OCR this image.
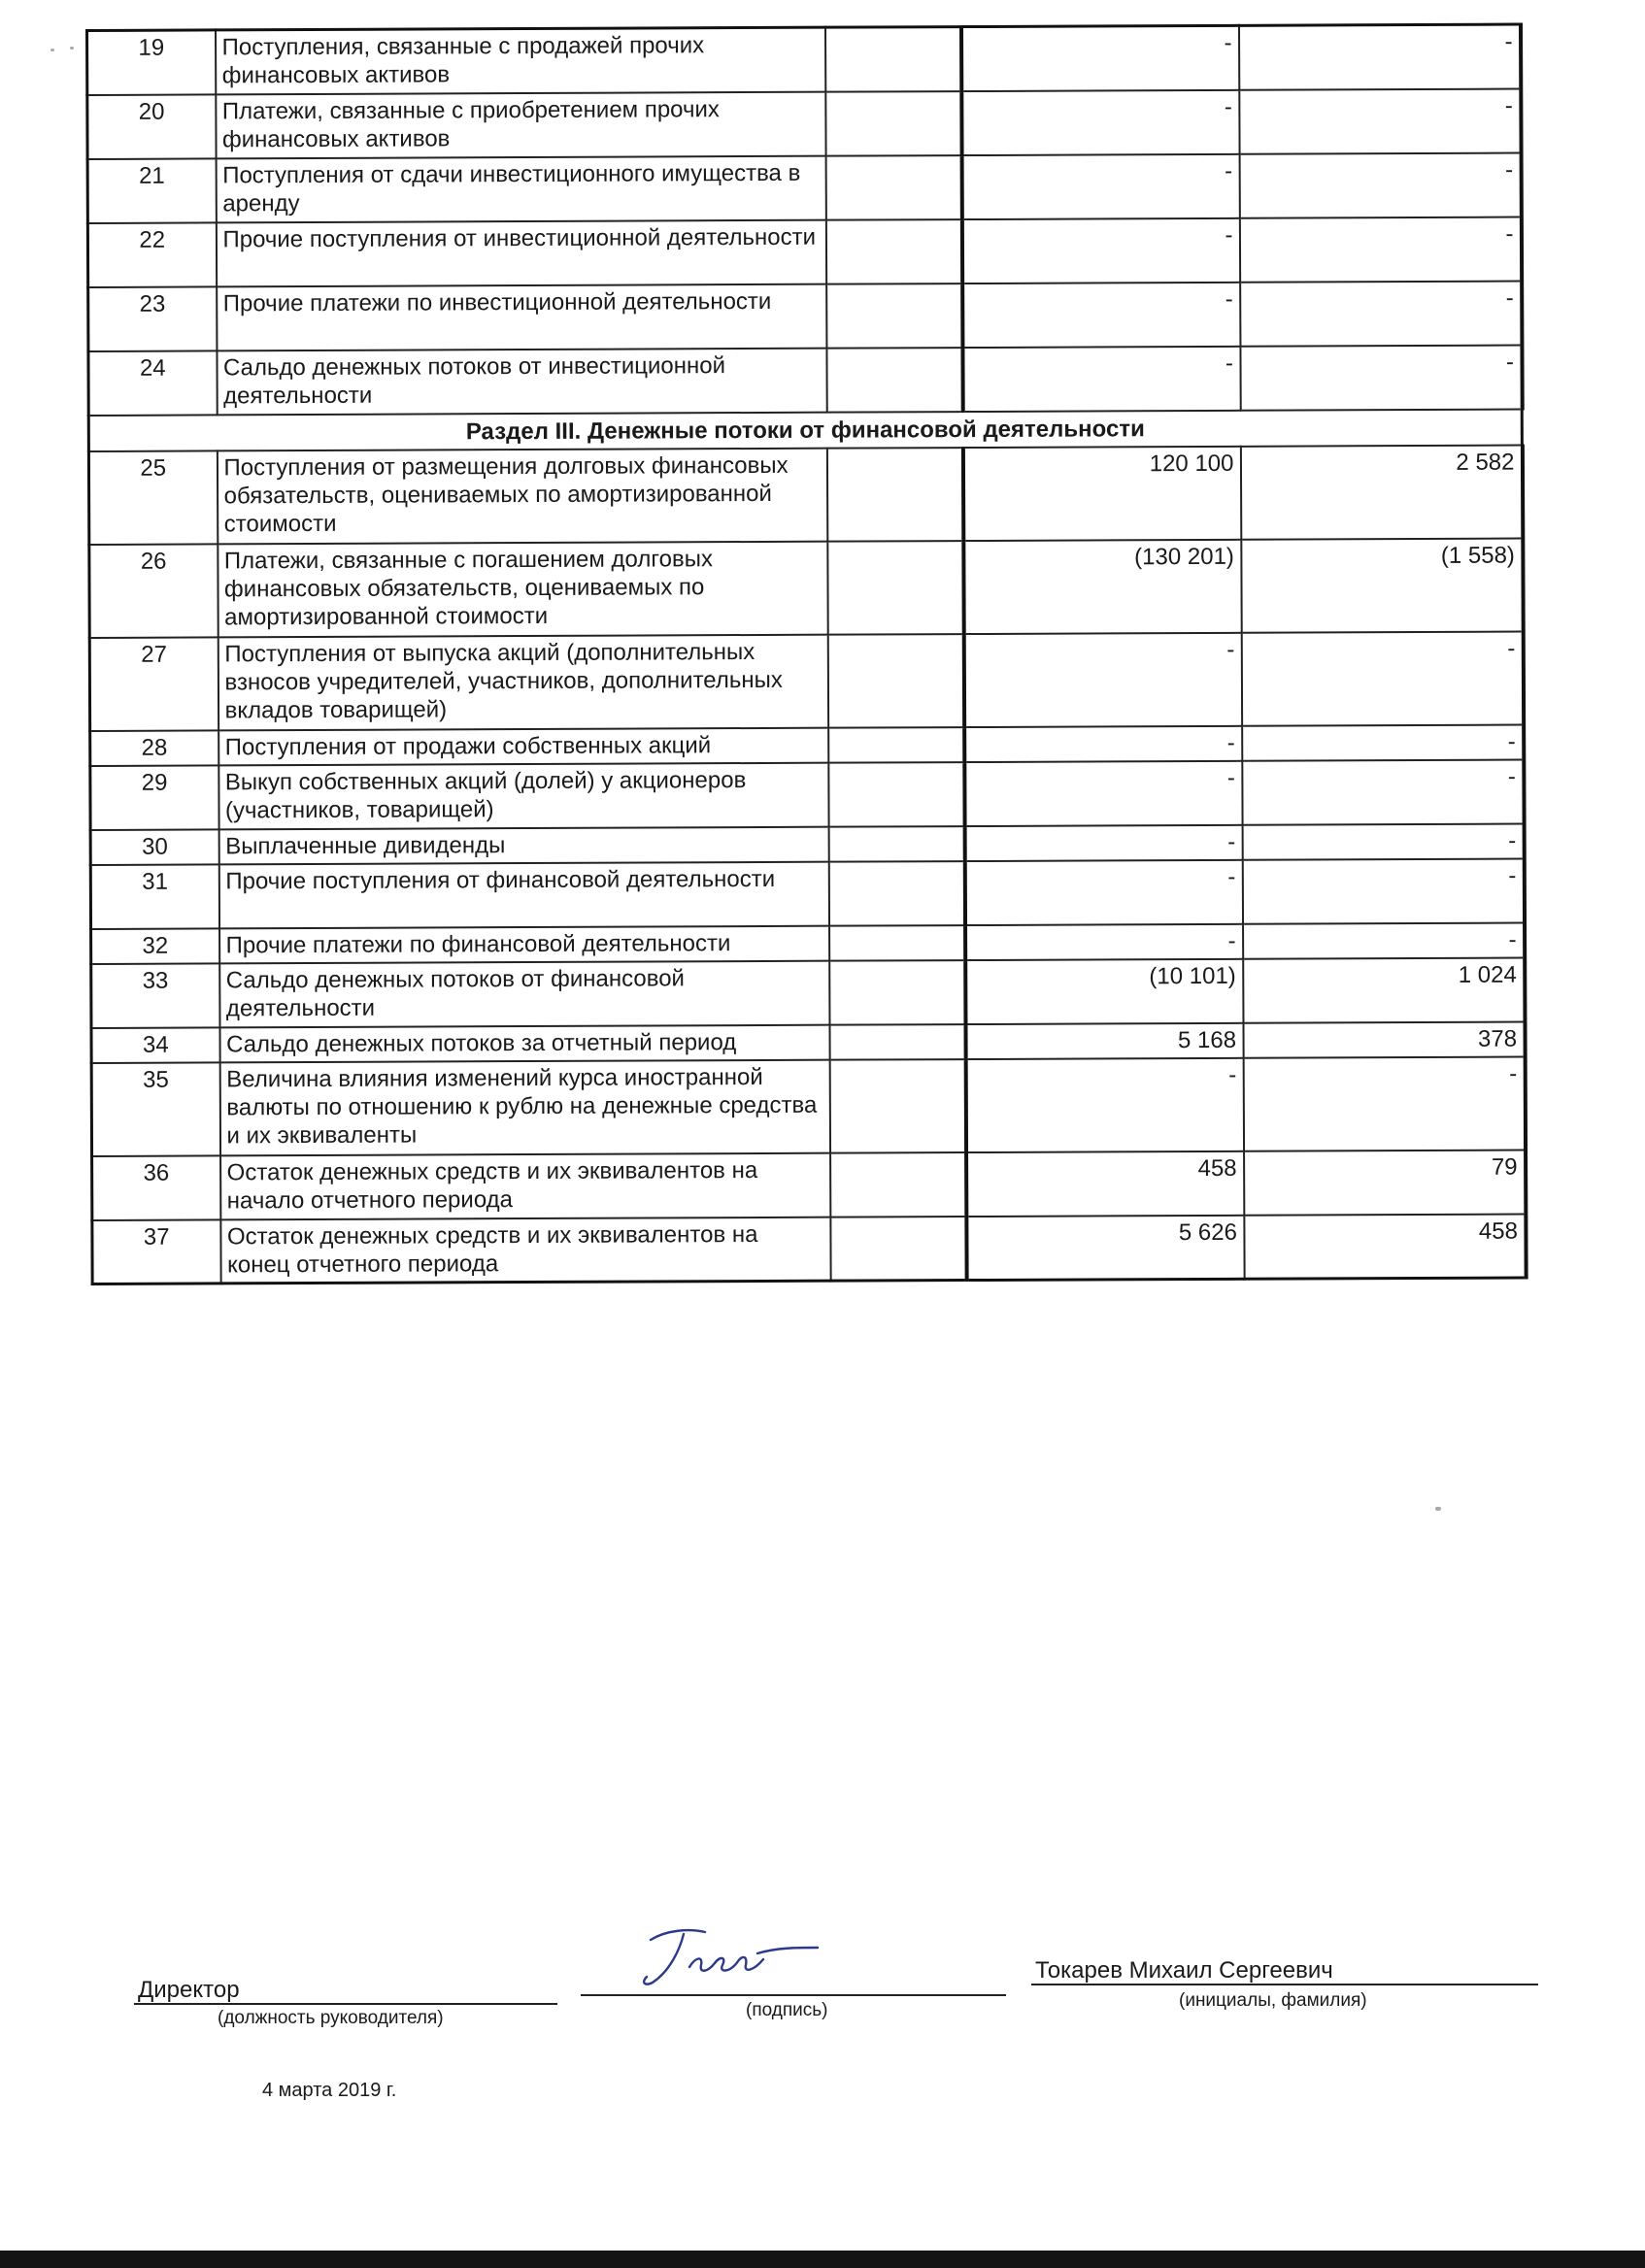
19	Поступления, связанные с продажей прочих финансовых активов		-	-
20	Платежи, связанные с приобретением прочих финансовых активов		-	-
21	Поступления от сдачи инвестиционного имущества в аренду		-	-
22	Прочие поступления от инвестиционной деятельности		-	-
23	Прочие платежи по инвестиционной деятельности		-	-
24	Сальдо денежных потоков от инвестиционной деятельности		-	-
Раздел III. Денежные потоки от финансовой деятельности				
25	Поступления от размещения долговых финансовых обязательств, оцениваемых по амортизированной стоимости		120 100	2 582
26	Платежи, связанные с погашением долговых финансовых обязательств, оцениваемых по амортизированной стоимости		(130 201)	(1 558)
27	Поступления от выпуска акций (дополнительных взносов учредителей, участников, дополнительных вкладов товарищей)		-	-
28	Поступления от продажи собственных акций		-	-
29	Выкуп собственных акций (долей) у акционеров (участников, товарищей)		-	-
30	Выплаченные дивиденды		-	-
31	Прочие поступления от финансовой деятельности		-	-
32	Прочие платежи по финансовой деятельности		-	-
33	Сальдо денежных потоков от финансовой деятельности		(10 101)	1 024
34	Сальдо денежных потоков за отчетный период		5 168	378
35	Величина влияния изменений курса иностранной валюты по отношению к рублю на денежные средства и их эквиваленты		-	-
36	Остаток денежных средств и их эквивалентов на начало отчетного периода		458	79
37	Остаток денежных средств и их эквивалентов на конец отчетного периода		5 626	458
Директор
(должность руководителя)	(подпись)
Токарев Михаил Сергеевич
(инициалы, фамилия)
4 марта 2019 г.
